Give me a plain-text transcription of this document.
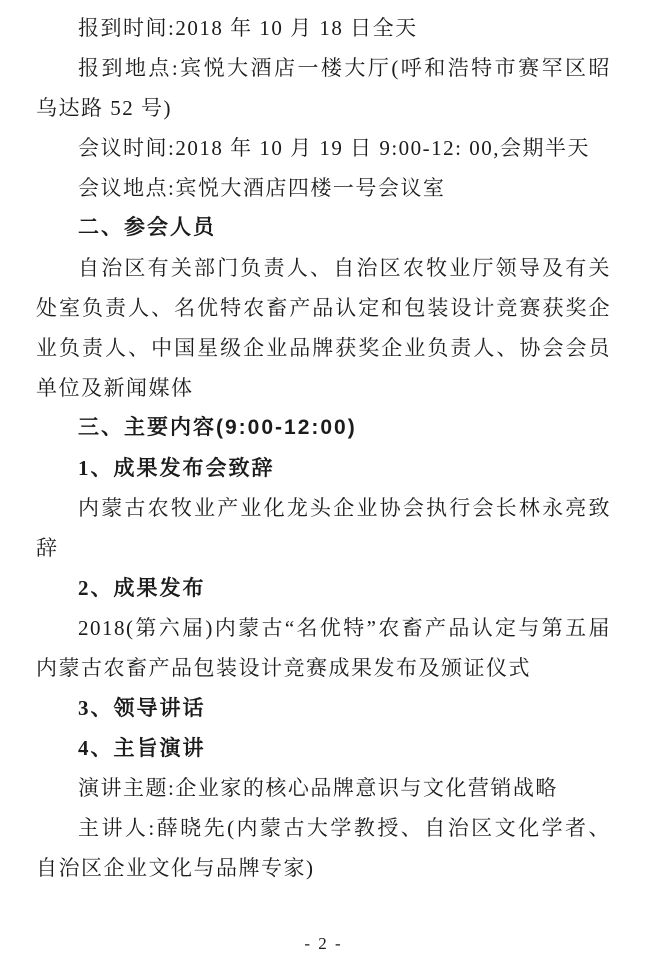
报到时间:2018 年 10 月 18 日全天

报到地点:宾悦大酒店一楼大厅(呼和浩特市赛罕区昭乌达路 52 号)

会议时间:2018 年 10 月 19 日 9:00-12: 00,会期半天

会议地点:宾悦大酒店四楼一号会议室

二、参会人员

自治区有关部门负责人、自治区农牧业厅领导及有关处室负责人、名优特农畜产品认定和包装设计竞赛获奖企业负责人、中国星级企业品牌获奖企业负责人、协会会员单位及新闻媒体

三、主要内容(9:00-12:00)

1、成果发布会致辞

内蒙古农牧业产业化龙头企业协会执行会长林永亮致辞

2、成果发布

2018(第六届)内蒙古“名优特”农畜产品认定与第五届内蒙古农畜产品包装设计竞赛成果发布及颁证仪式

3、领导讲话

4、主旨演讲

演讲主题:企业家的核心品牌意识与文化营销战略

主讲人:薛晓先(内蒙古大学教授、自治区文化学者、自治区企业文化与品牌专家)

- 2 -
